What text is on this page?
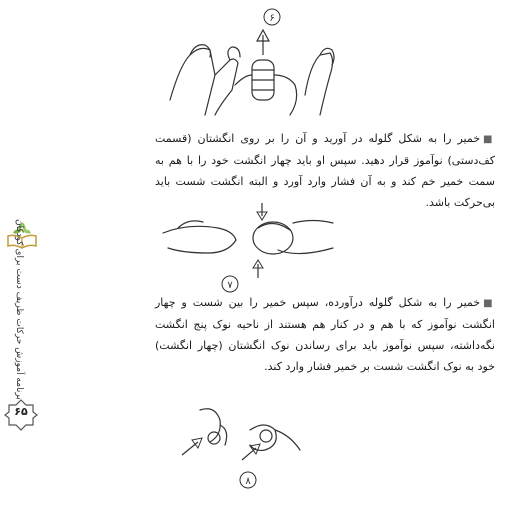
۶
■خمیر را به شکل گلوله در آورید و آن را بر روی انگشتان (قسمت کف‌دستی) نوآموز قرار دهید. سپس او باید چهار انگشت خود را با هم به سمت خمیر خم کند و به آن فشار وارد آورد و البته انگشت شست باید بی‌حرکت باشد.
۷
■خمیر را به شکل گلوله درآورده، سپس خمیر را بین شست و چهار انگشت نوآموز که با هم و در کنار هم هستند از ناحیه نوک پنج انگشت نگه‌داشته، سپس نوآموز باید برای رساندن نوک انگشتان (چهار انگشت) خود به نوک انگشت شست بر خمیر فشار وارد کند.
۸
برنامه آموزش حرکات ظریف دست برای کودکان
۶۵
